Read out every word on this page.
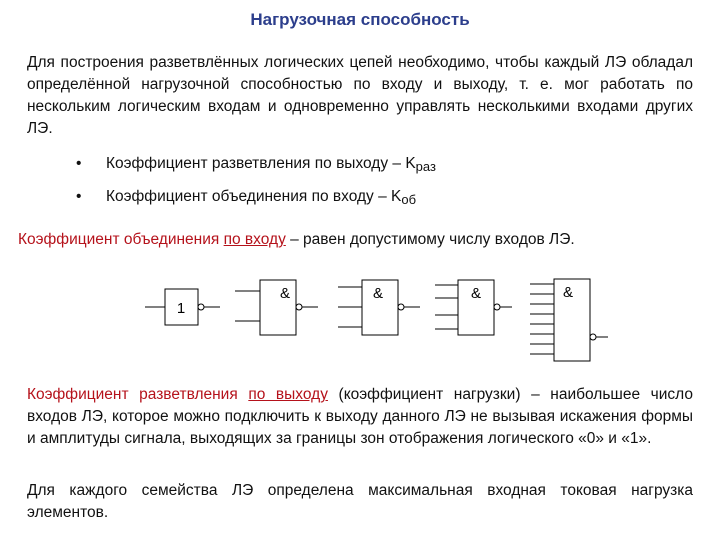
Нагрузочная способность
Для построения разветвлённых логических цепей необходимо, чтобы каждый ЛЭ обладал определённой нагрузочной способностью по входу и выходу, т. е. мог работать по нескольким логическим входам и одновременно управлять несколькими входами других ЛЭ.
• Коэффициент разветвления по выходу – $K_{раз}$
• Коэффициент объединения по входу – $K_{об}$
Коэффициент объединения по входу – равен допустимому числу входов ЛЭ.
1
&	&	&	&
Коэффициент разветвления по выходу (коэффициент нагрузки) – наибольшее число входов ЛЭ, которое можно подключить к выходу данного ЛЭ не вызывая искажения формы и амплитуды сигнала, выходящих за границы зон отображения логического «0» и «1».
Для каждого семейства ЛЭ определена максимальная входная токовая нагрузка элементов.
